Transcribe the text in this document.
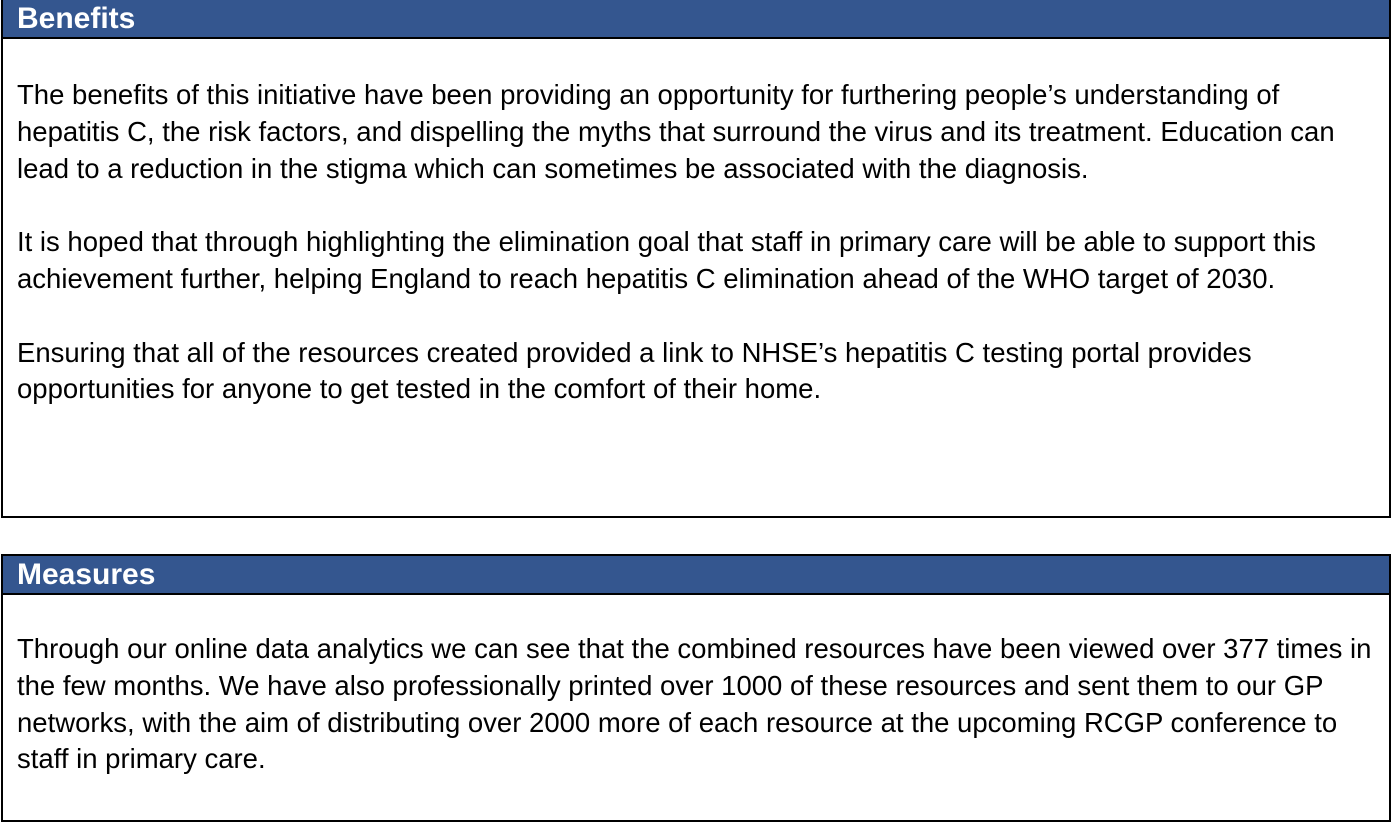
Benefits

The benefits of this initiative have been providing an opportunity for furthering people’s understanding of hepatitis C, the risk factors, and dispelling the myths that surround the virus and its treatment. Education can lead to a reduction in the stigma which can sometimes be associated with the diagnosis.

It is hoped that through highlighting the elimination goal that staff in primary care will be able to support this achievement further, helping England to reach hepatitis C elimination ahead of the WHO target of 2030.

Ensuring that all of the resources created provided a link to NHSE’s hepatitis C testing portal provides opportunities for anyone to get tested in the comfort of their home.

Measures

Through our online data analytics we can see that the combined resources have been viewed over 377 times in the few months. We have also professionally printed over 1000 of these resources and sent them to our GP networks, with the aim of distributing over 2000 more of each resource at the upcoming RCGP conference to staff in primary care.
